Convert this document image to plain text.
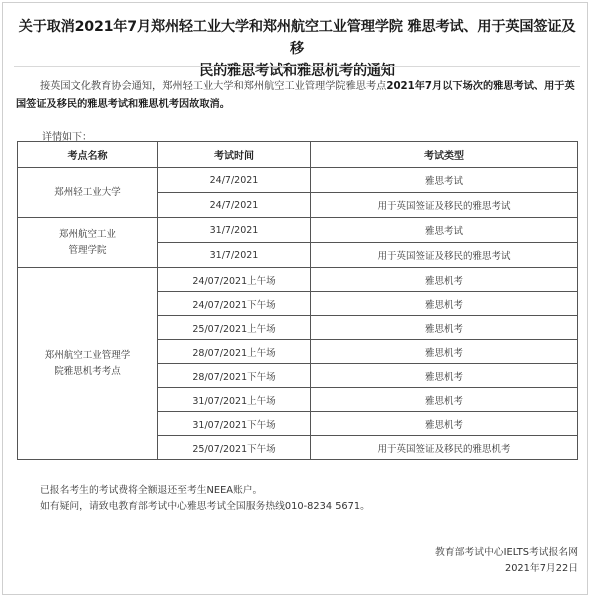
关于取消2021年7月郑州轻工业大学和郑州航空工业管理学院 雅思考试、用于英国签证及移
民的雅思考试和雅思机考的通知
接英国文化教育协会通知，郑州轻工业大学和郑州航空工业管理学院雅思考点2021年7月以下场次的雅思考试、用于英国签证及移民的雅思考试和雅思机考因故取消。
详情如下：
考点名称	考试时间	考试类型
郑州轻工业大学	24/7/2021	雅思考试
	24/7/2021	用于英国签证及移民的雅思考试
郑州航空工业
管理学院	31/7/2021	雅思考试
	31/7/2021	用于英国签证及移民的雅思考试
郑州航空工业管理学
院雅思机考考点	24/07/2021上午场	雅思机考
	24/07/2021下午场	雅思机考
	25/07/2021上午场	雅思机考
	28/07/2021上午场	雅思机考
	28/07/2021下午场	雅思机考
	31/07/2021上午场	雅思机考
	31/07/2021下午场	雅思机考
	25/07/2021下午场	用于英国签证及移民的雅思机考
已报名考生的考试费将全额退还至考生NEEA账户。
如有疑问，请致电教育部考试中心雅思考试全国服务热线010-8234 5671。
教育部考试中心IELTS考试报名网
2021年7月22日
